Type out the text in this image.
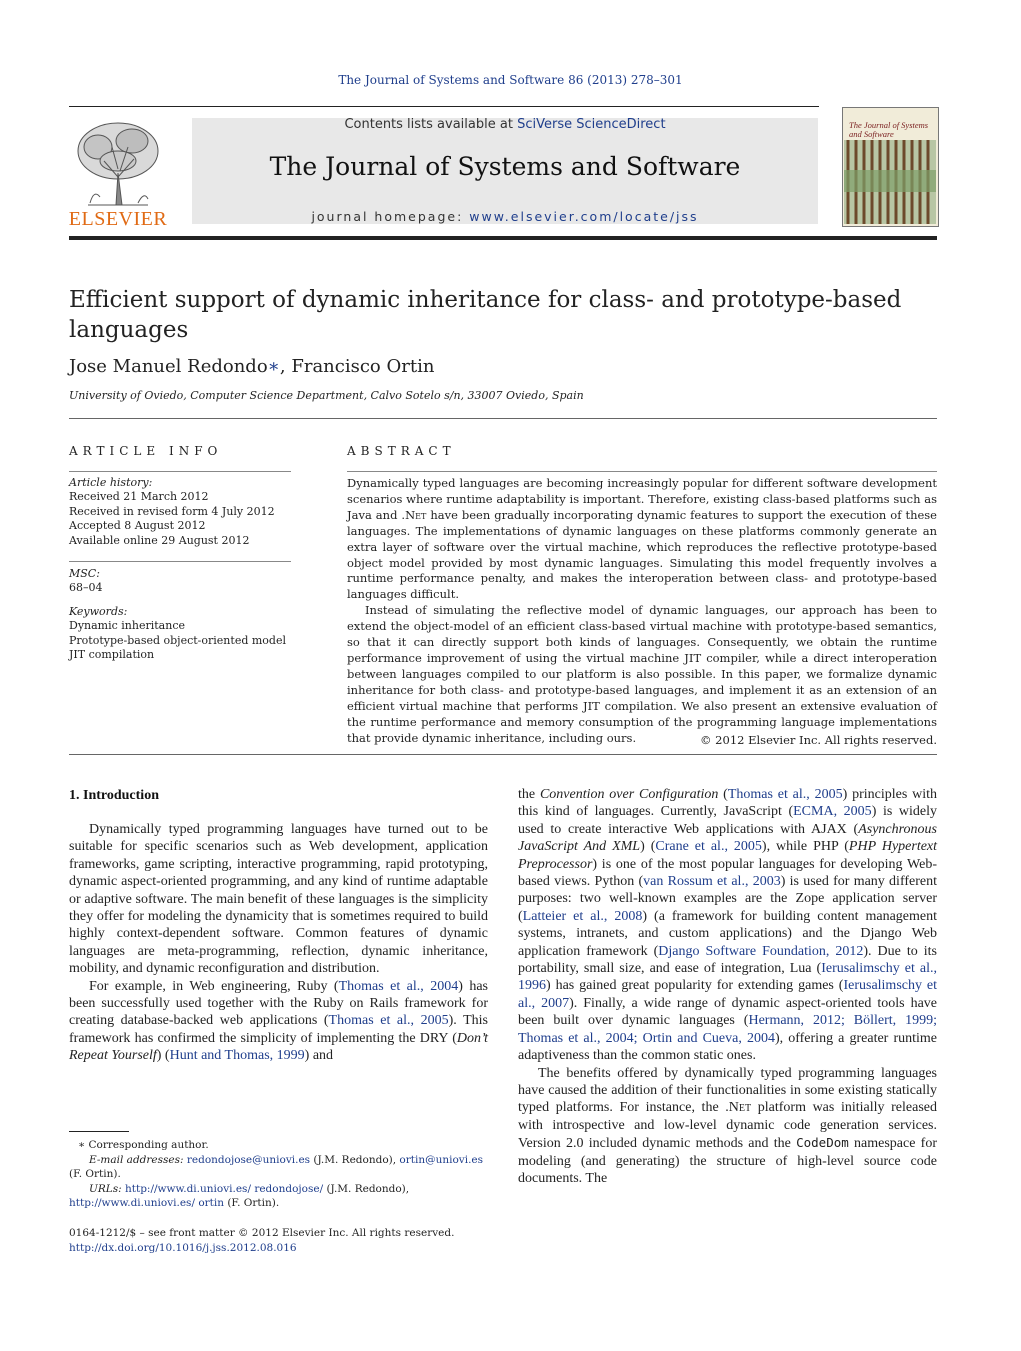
The Journal of Systems and Software 86 (2013) 278–301
ELSEVIER
Contents lists available at SciVerse ScienceDirect
The Journal of Systems and Software
journal homepage: www.elsevier.com/locate/jss
The Journal of Systems and Software
Efficient support of dynamic inheritance for class- and prototype-based languages
Jose Manuel Redondo∗, Francisco Ortin
University of Oviedo, Computer Science Department, Calvo Sotelo s/n, 33007 Oviedo, Spain
ARTICLE INFO
Article history:
Received 21 March 2012
Received in revised form 4 July 2012
Accepted 8 August 2012
Available online 29 August 2012
MSC:
68–04
Keywords:
Dynamic inheritance
Prototype-based object-oriented model
JIT compilation
ABSTRACT

Dynamically typed languages are becoming increasingly popular for different software development scenarios where runtime adaptability is important. Therefore, existing class-based platforms such as Java and .Net have been gradually incorporating dynamic features to support the execution of these languages. The implementations of dynamic languages on these platforms commonly generate an extra layer of software over the virtual machine, which reproduces the reflective prototype-based object model provided by most dynamic languages. Simulating this model frequently involves a runtime performance penalty, and makes the interoperation between class- and prototype-based languages difficult.

Instead of simulating the reflective model of dynamic languages, our approach has been to extend the object-model of an efficient class-based virtual machine with prototype-based semantics, so that it can directly support both kinds of languages. Consequently, we obtain the runtime performance improvement of using the virtual machine JIT compiler, while a direct interoperation between languages compiled to our platform is also possible. In this paper, we formalize dynamic inheritance for both class- and prototype-based languages, and implement it as an extension of an efficient virtual machine that performs JIT compilation. We also present an extensive evaluation of the runtime performance and memory consumption of the programming language implementations that provide dynamic inheritance, including ours.	© 2012 Elsevier Inc. All rights reserved.
1. Introduction

Dynamically typed programming languages have turned out to be suitable for specific scenarios such as Web development, application frameworks, game scripting, interactive programming, rapid prototyping, dynamic aspect-oriented programming, and any kind of runtime adaptable or adaptive software. The main benefit of these languages is the simplicity they offer for modeling the dynamicity that is sometimes required to build highly context-dependent software. Common features of dynamic languages are meta-programming, reflection, dynamic inheritance, mobility, and dynamic reconfiguration and distribution.

For example, in Web engineering, Ruby (Thomas et al., 2004) has been successfully used together with the Ruby on Rails framework for creating database-backed web applications (Thomas et al., 2005). This framework has confirmed the simplicity of implementing the DRY (Don’t Repeat Yourself) (Hunt and Thomas, 1999) and

the Convention over Configuration (Thomas et al., 2005) principles with this kind of languages. Currently, JavaScript (ECMA, 2005) is widely used to create interactive Web applications with AJAX (Asynchronous JavaScript And XML) (Crane et al., 2005), while PHP (PHP Hypertext Preprocessor) is one of the most popular languages for developing Web-based views. Python (van Rossum et al., 2003) is used for many different purposes: two well-known examples are the Zope application server (Latteier et al., 2008) (a framework for building content management systems, intranets, and custom applications) and the Django Web application framework (Django Software Foundation, 2012). Due to its portability, small size, and ease of integration, Lua (Ierusalimschy et al., 1996) has gained great popularity for extending games (Ierusalimschy et al., 2007). Finally, a wide range of dynamic aspect-oriented tools have been built over dynamic languages (Hermann, 2012; Böllert, 1999; Thomas et al., 2004; Ortin and Cueva, 2004), offering a greater runtime adaptiveness than the common static ones.

The benefits offered by dynamically typed programming languages have caused the addition of their functionalities in some existing statically typed platforms. For instance, the .Net platform was initially released with introspective and low-level dynamic code generation services. Version 2.0 included dynamic methods and the CodeDom namespace for modeling (and generating) the structure of high-level source code documents. The

∗ Corresponding author.
E-mail addresses: redondojose@uniovi.es (J.M. Redondo), ortin@uniovi.es
(F. Ortin).
URLs: http://www.di.uniovi.es/ redondojose/ (J.M. Redondo),
http://www.di.uniovi.es/ ortin (F. Ortin).
0164-1212/$ – see front matter © 2012 Elsevier Inc. All rights reserved.
http://dx.doi.org/10.1016/j.jss.2012.08.016
